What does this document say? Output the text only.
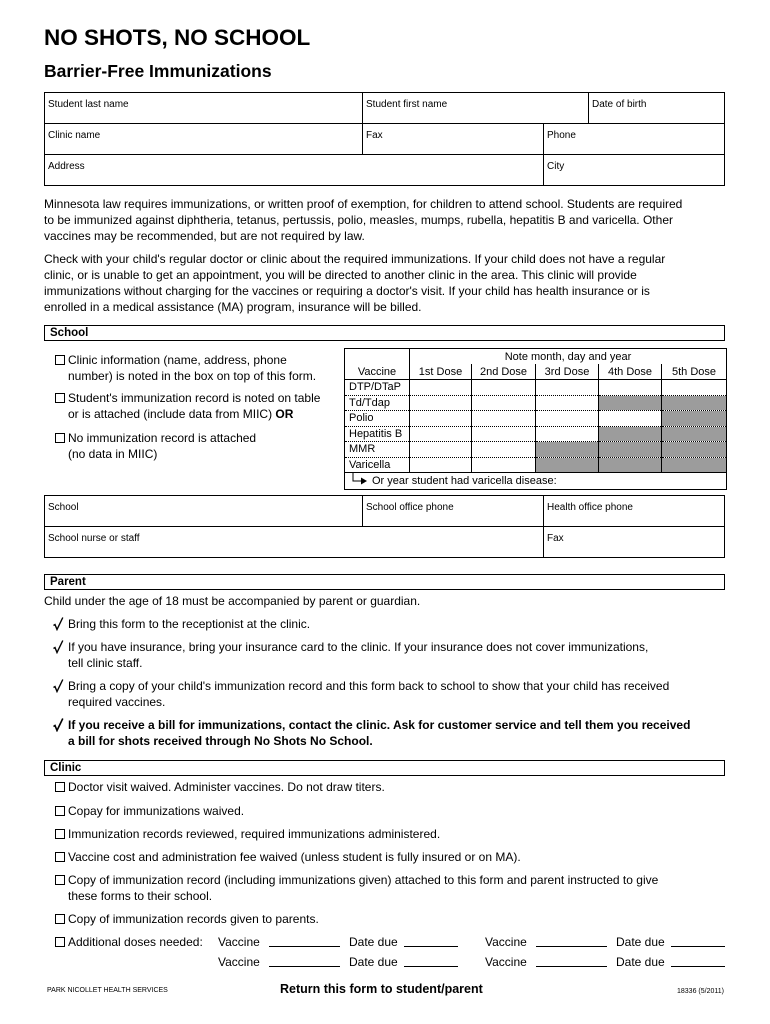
NO SHOTS, NO SCHOOL
Barrier-Free Immunizations
Student last name	Student first name	Date of birth
Clinic name	Fax	Phone
Address	City
Minnesota law requires immunizations, or written proof of exemption, for children to attend school. Students are required
to be immunized against diphtheria, tetanus, pertussis, polio, measles, mumps, rubella, hepatitis B and varicella. Other
vaccines may be recommended, but are not required by law.
Check with your child's regular doctor or clinic about the required immunizations. If your child does not have a regular
clinic, or is unable to get an appointment, you will be directed to another clinic in the area. This clinic will provide
immunizations without charging for the vaccines or requiring a doctor's visit. If your child has health insurance or is
enrolled in a medical assistance (MA) program, insurance will be billed.
School
Clinic information (name, address, phone
number) is noted in the box on top of this form.
Student's immunization record is noted on table
or is attached (include data from MIIC) OR
No immunization record is attached
(no data in MIIC)
Vaccine	Note month, day and year				
	1st Dose	2nd Dose	3rd Dose	4th Dose	5th Dose
DTP/DTaP					
Td/Tdap					
Polio					
Hepatitis B					
MMR					
Varicella					
Or year student had varicella disease:					
School	School office phone	Health office phone
School nurse or staff	Fax
Parent
Child under the age of 18 must be accompanied by parent or guardian.
Bring this form to the receptionist at the clinic.
If you have insurance, bring your insurance card to the clinic. If your insurance does not cover immunizations,
tell clinic staff.
Bring a copy of your child's immunization record and this form back to school to show that your child has received
required vaccines.
If you receive a bill for immunizations, contact the clinic. Ask for customer service and tell them you received
a bill for shots received through No Shots No School.
Clinic
Doctor visit waived. Administer vaccines. Do not draw titers.
Copay for immunizations waived.
Immunization records reviewed, required immunizations administered.
Vaccine cost and administration fee waived (unless student is fully insured or on MA).
Copy of immunization record (including immunizations given) attached to this form and parent instructed to give
these forms to their school.
Copy of immunization records given to parents.
Additional doses needed: Vaccine	Date due	Vaccine	Date due
Vaccine	Date due	Vaccine	Date due
PARK NICOLLET HEALTH SERVICES	Return this form to student/parent	18336 (5/2011)
